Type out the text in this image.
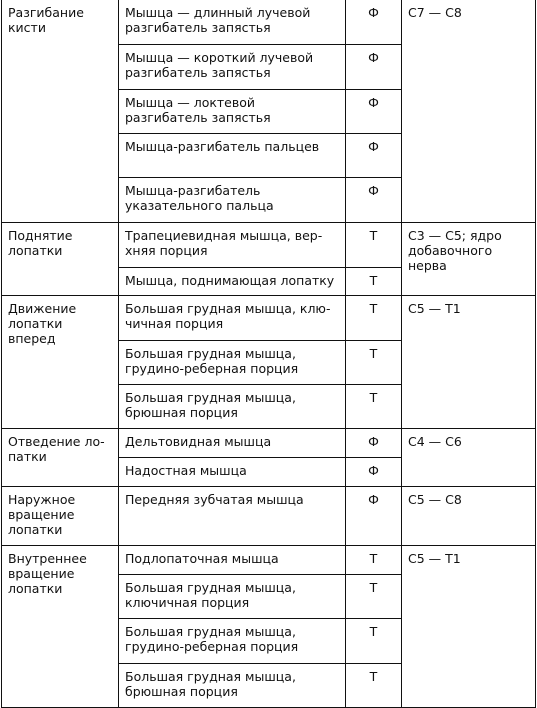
Разгибание кисти	Мышца — длинный лучевой разгибатель запястья	Ф	C7 — C8
	Мышца — короткий лучевой разгибатель запястья	Ф	
	Мышца — локтевой разгибатель запястья	Ф	
	Мышца-разгибатель пальцев	Ф	
	Мышца-разгибатель указательного пальца	Ф	
Поднятие лопатки	Трапециевидная мышца, вер-хняя порция	Т	C3 — C5; ядро добавочного нерва
	Мышца, поднимающая лопатку	Т	
Движение лопатки вперед	Большая грудная мышца, клю-чичная порция	Т	C5 — T1
	Большая грудная мышца, грудино-реберная порция	Т	
	Большая грудная мышца, брюшная порция	Т	
Отведение ло-патки	Дельтовидная мышца	Ф	C4 — C6
	Надостная мышца	Ф	
Наружное вращение лопатки	Передняя зубчатая мышца	Ф	C5 — C8
Внутреннее вращение лопатки	Подлопаточная мышца	Т	C5 — T1
	Большая грудная мышца, ключичная порция	Т	
	Большая грудная мышца, грудино-реберная порция	Т	
	Большая грудная мышца, брюшная порция	Т	
